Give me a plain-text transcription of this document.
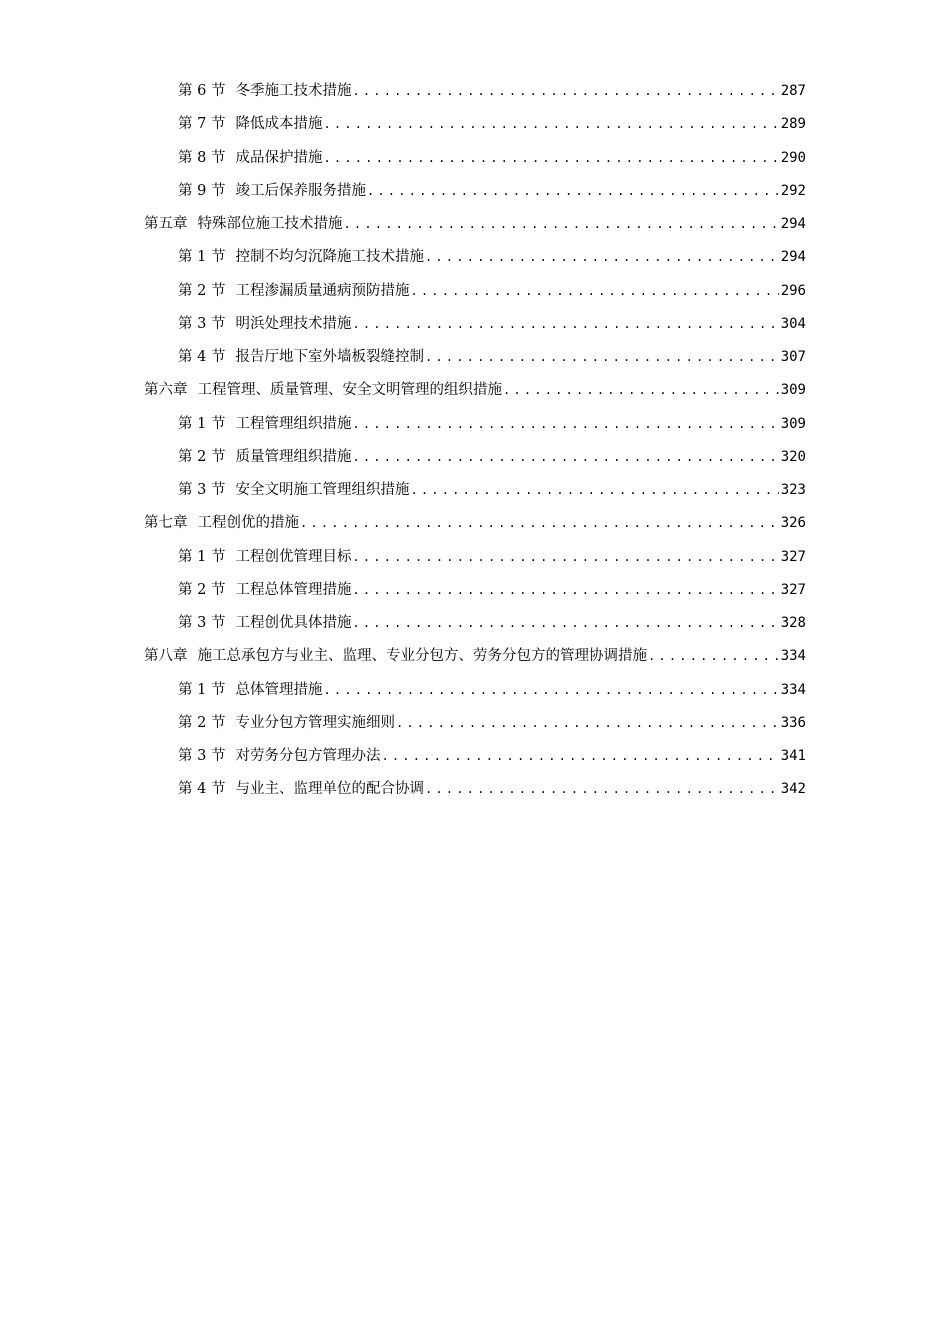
第 6 节 冬季施工技术措施 .....	287
第 7 节 降低成本措施 .....	289
第 8 节 成品保护措施 .....	290
第 9 节 竣工后保养服务措施 .....	292
第五章 特殊部位施工技术措施 .....	294
第 1 节 控制不均匀沉降施工技术措施 .....	294
第 2 节 工程渗漏质量通病预防措施 .....	296
第 3 节 明浜处理技术措施 .....	304
第 4 节 报告厅地下室外墙板裂缝控制 .....	307
第六章 工程管理、质量管理、安全文明管理的组织措施 .....	309
第 1 节 工程管理组织措施 .....	309
第 2 节 质量管理组织措施 .....	320
第 3 节 安全文明施工管理组织措施 .....	323
第七章 工程创优的措施 .....	326
第 1 节 工程创优管理目标 .....	327
第 2 节 工程总体管理措施 .....	327
第 3 节 工程创优具体措施 .....	328
第八章 施工总承包方与业主、监理、专业分包方、劳务分包方的管理协调措施 .....	334
第 1 节 总体管理措施 .....	334
第 2 节 专业分包方管理实施细则 .....	336
第 3 节 对劳务分包方管理办法 .....	341
第 4 节 与业主、监理单位的配合协调 .....	342
